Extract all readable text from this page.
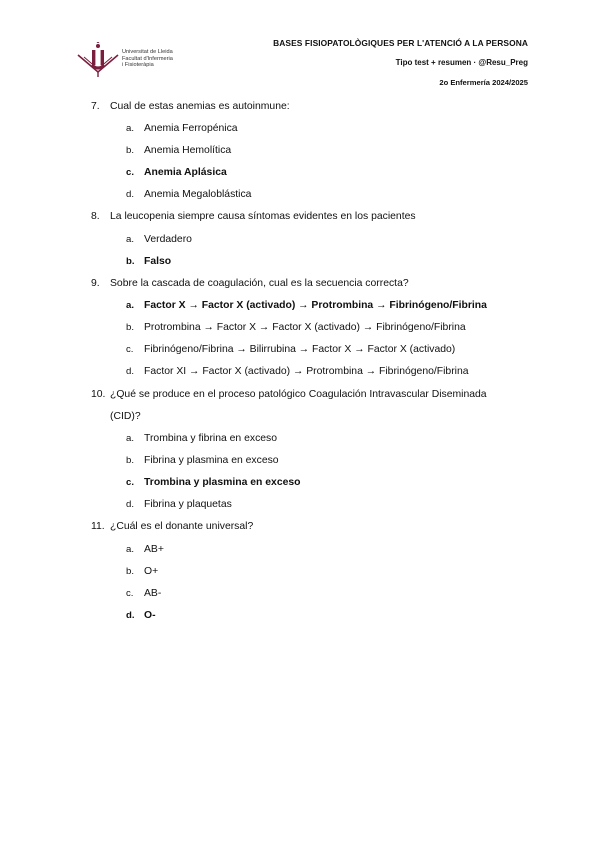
Universitat de Lleida
Facultat d'Infermeria
i Fisioteràpia
BASES FISIOPATOLÒGIQUES PER L'ATENCIÓ A LA PERSONA
Tipo test + resumen · @Resu_Preg
2o Enfermería 2024/2025
7. Cual de estas anemias es autoinmune:
a. Anemia Ferropénica
b. Anemia Hemolítica
c. Anemia Aplásica
d. Anemia Megaloblástica
8. La leucopenia siempre causa síntomas evidentes en los pacientes
a. Verdadero
b. Falso
9. Sobre la cascada de coagulación, cual es la secuencia correcta?
a. Factor X → Factor X (activado) → Protrombina → Fibrinógeno/Fibrina
b. Protrombina → Factor X → Factor X (activado) → Fibrinógeno/Fibrina
c. Fibrinógeno/Fibrina → Bilirrubina → Factor X → Factor X (activado)
d. Factor XI → Factor X (activado) → Protrombina → Fibrinógeno/Fibrina
10. ¿Qué se produce en el proceso patológico Coagulación Intravascular Diseminada
(CID)?
a. Trombina y fibrina en exceso
b. Fibrina y plasmina en exceso
c. Trombina y plasmina en exceso
d. Fibrina y plaquetas
11. ¿Cuál es el donante universal?
a. AB+
b. O+
c. AB-
d. O-
